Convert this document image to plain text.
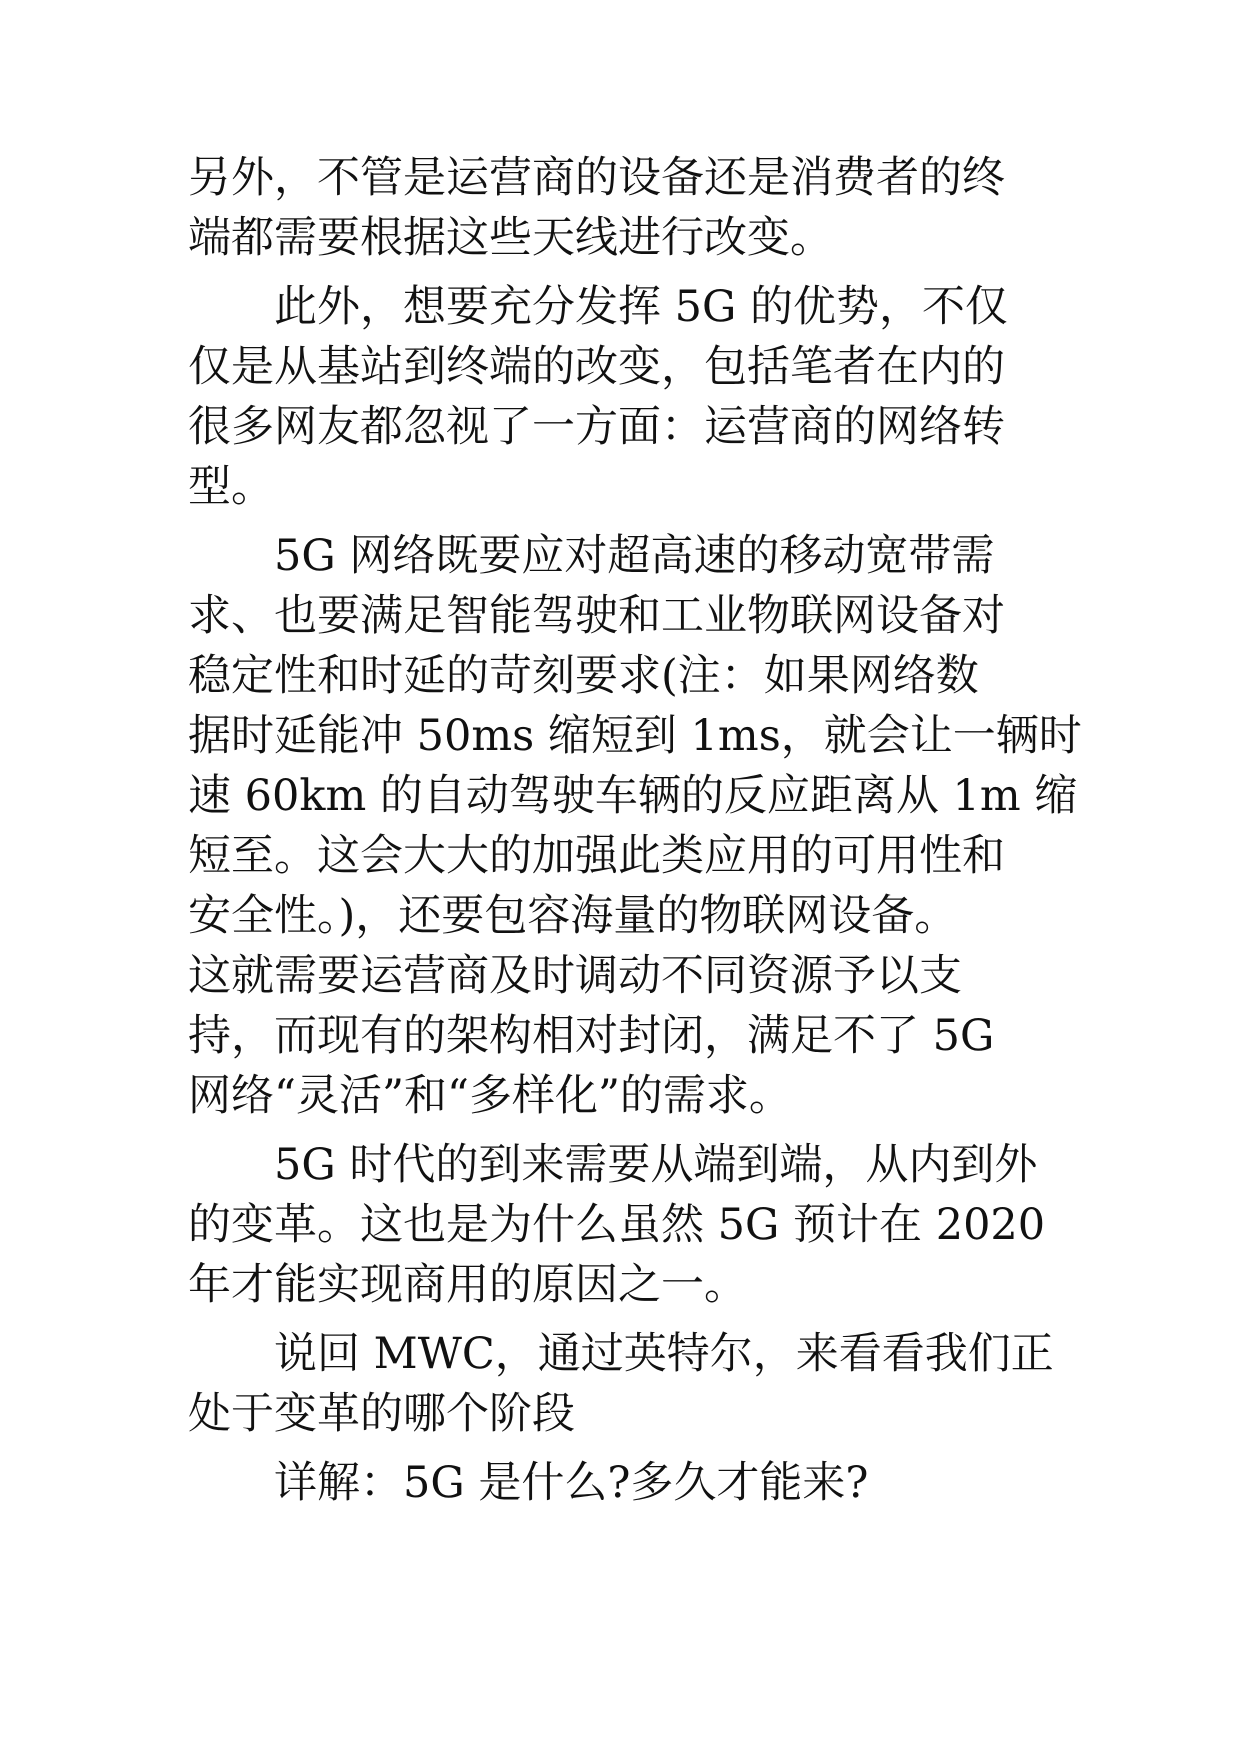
另外，不管是运营商的设备还是消费者的终
端都需要根据这些天线进行改变。
此外，想要充分发挥 5G 的优势，不仅
仅是从基站到终端的改变，包括笔者在内的
很多网友都忽视了一方面：运营商的网络转
型。
5G 网络既要应对超高速的移动宽带需
求、也要满足智能驾驶和工业物联网设备对
稳定性和时延的苛刻要求(注：如果网络数
据时延能冲 50ms 缩短到 1ms，就会让一辆时
速 60km 的自动驾驶车辆的反应距离从 1m 缩
短至。这会大大的加强此类应用的可用性和
安全性。)，还要包容海量的物联网设备。
这就需要运营商及时调动不同资源予以支
持，而现有的架构相对封闭，满足不了 5G
网络“灵活”和“多样化”的需求。
5G 时代的到来需要从端到端，从内到外
的变革。这也是为什么虽然 5G 预计在 2020
年才能实现商用的原因之一。
说回 MWC，通过英特尔，来看看我们正
处于变革的哪个阶段
详解：5G 是什么?多久才能来?
